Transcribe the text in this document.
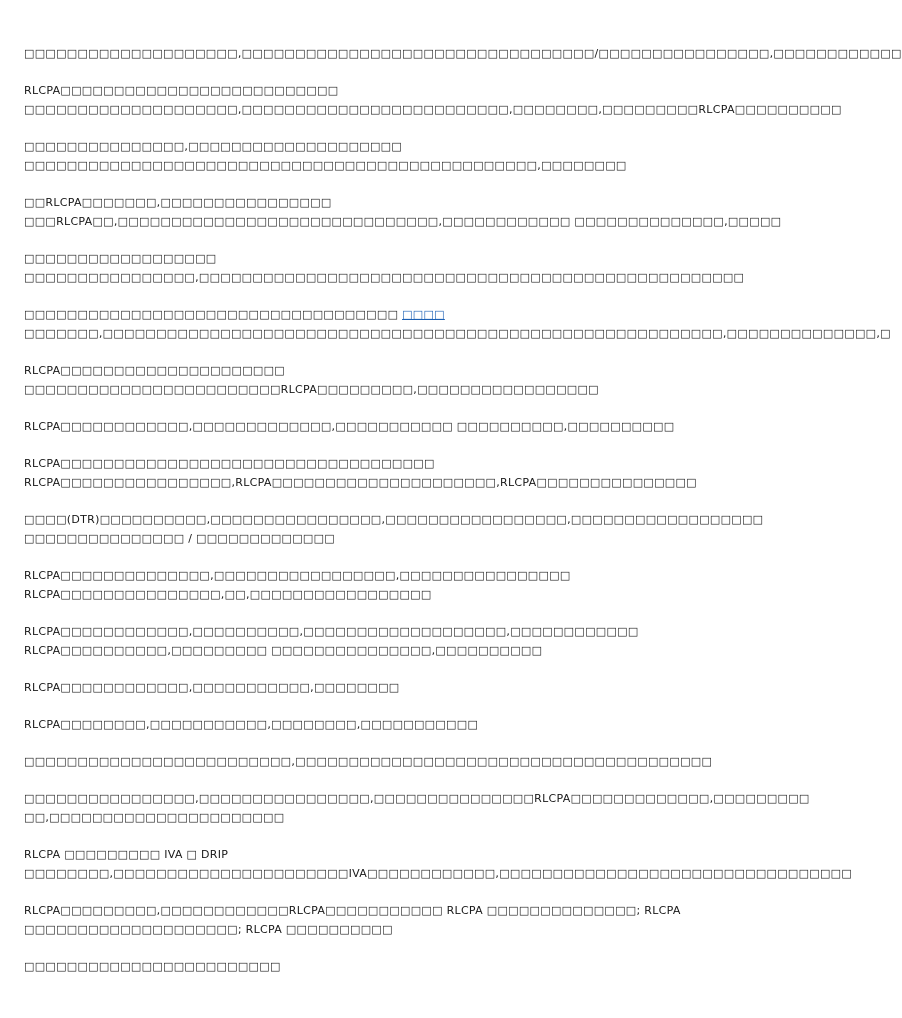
□□□□□□□□□□□□□□□□□□□□,□□□□□□□□□□□□□□□□□□□□□□□□□□□□□□□□□/□□□□□□□□□□□□□□□□,□□□□□□□□□□□□
RLCPA□□□□□□□□□□□□□□□□□□□□□□□□□□
□□□□□□□□□□□□□□□□□□□□,□□□□□□□□□□□□□□□□□□□□□□□□□,□□□□□□□□,□□□□□□□□□RLCPA□□□□□□□□□□
□□□□□□□□□□□□□□□,□□□□□□□□□□□□□□□□□□□□
□□□□□□□□□□□□□□□□□□□□□□□□□□□□□□□□□□□□□□□□□□□□□□□□,□□□□□□□□
□□RLCPA□□□□□□□,□□□□□□□□□□□□□□□□
□□□RLCPA□□,□□□□□□□□□□□□□□□□□□□□□□□□□□□□□□,□□□□□□□□□□□□ □□□□□□□□□□□□□□,□□□□□
□□□□□□□□□□□□□□□□□□
□□□□□□□□□□□□□□□□,□□□□□□□□□□□□□□□□□□□□□□□□□□□□□□□□□□□□□□□□□□□□□□□□□□□
□□□□□□□□□□□□□□□□□□□□□□□□□□□□□□□□□□□ □□□□
□□□□□□□,□□□□□□□□□□□□□□□□□□□□□□□□□□□□□□□□□□□□□□□□□□□□□□□□□□□□□□□□□□,□□□□□□□□□□□□□□,□
RLCPA□□□□□□□□□□□□□□□□□□□□□
□□□□□□□□□□□□□□□□□□□□□□□□RLCPA□□□□□□□□□,□□□□□□□□□□□□□□□□□
RLCPA□□□□□□□□□□□□,□□□□□□□□□□□□□,□□□□□□□□□□□ □□□□□□□□□□,□□□□□□□□□□
RLCPA□□□□□□□□□□□□□□□□□□□□□□□□□□□□□□□□□□□
RLCPA□□□□□□□□□□□□□□□□,RLCPA□□□□□□□□□□□□□□□□□□□□□,RLCPA□□□□□□□□□□□□□□□
□□□□(DTR)□□□□□□□□□□,□□□□□□□□□□□□□□□□,□□□□□□□□□□□□□□□□□,□□□□□□□□□□□□□□□□□□
□□□□□□□□□□□□□□□ / □□□□□□□□□□□□□
RLCPA□□□□□□□□□□□□□□,□□□□□□□□□□□□□□□□□,□□□□□□□□□□□□□□□□
RLCPA□□□□□□□□□□□□□□□,□□,□□□□□□□□□□□□□□□□□
RLCPA□□□□□□□□□□□□,□□□□□□□□□□,□□□□□□□□□□□□□□□□□□□,□□□□□□□□□□□□
RLCPA□□□□□□□□□□,□□□□□□□□□ □□□□□□□□□□□□□□□,□□□□□□□□□□
RLCPA□□□□□□□□□□□□,□□□□□□□□□□□,□□□□□□□□
RLCPA□□□□□□□□,□□□□□□□□□□□,□□□□□□□□,□□□□□□□□□□□
□□□□□□□□□□□□□□□□□□□□□□□□□,□□□□□□□□□□□□□□□□□□□□□□□□□□□□□□□□□□□□□□□
□□□□□□□□□□□□□□□□,□□□□□□□□□□□□□□□□,□□□□□□□□□□□□□□□RLCPA□□□□□□□□□□□□□,□□□□□□□□□
□□,□□□□□□□□□□□□□□□□□□□□□□
RLCPA □□□□□□□□□ IVA □ DRIP
□□□□□□□□,□□□□□□□□□□□□□□□□□□□□□□IVA□□□□□□□□□□□□,□□□□□□□□□□□□□□□□□□□□□□□□□□□□□□□□□
RLCPA□□□□□□□□□,□□□□□□□□□□□□RLCPA□□□□□□□□□□□ RLCPA □□□□□□□□□□□□□□; RLCPA
□□□□□□□□□□□□□□□□□□□□; RLCPA □□□□□□□□□□
□□□□□□□□□□□□□□□□□□□□□□□□
